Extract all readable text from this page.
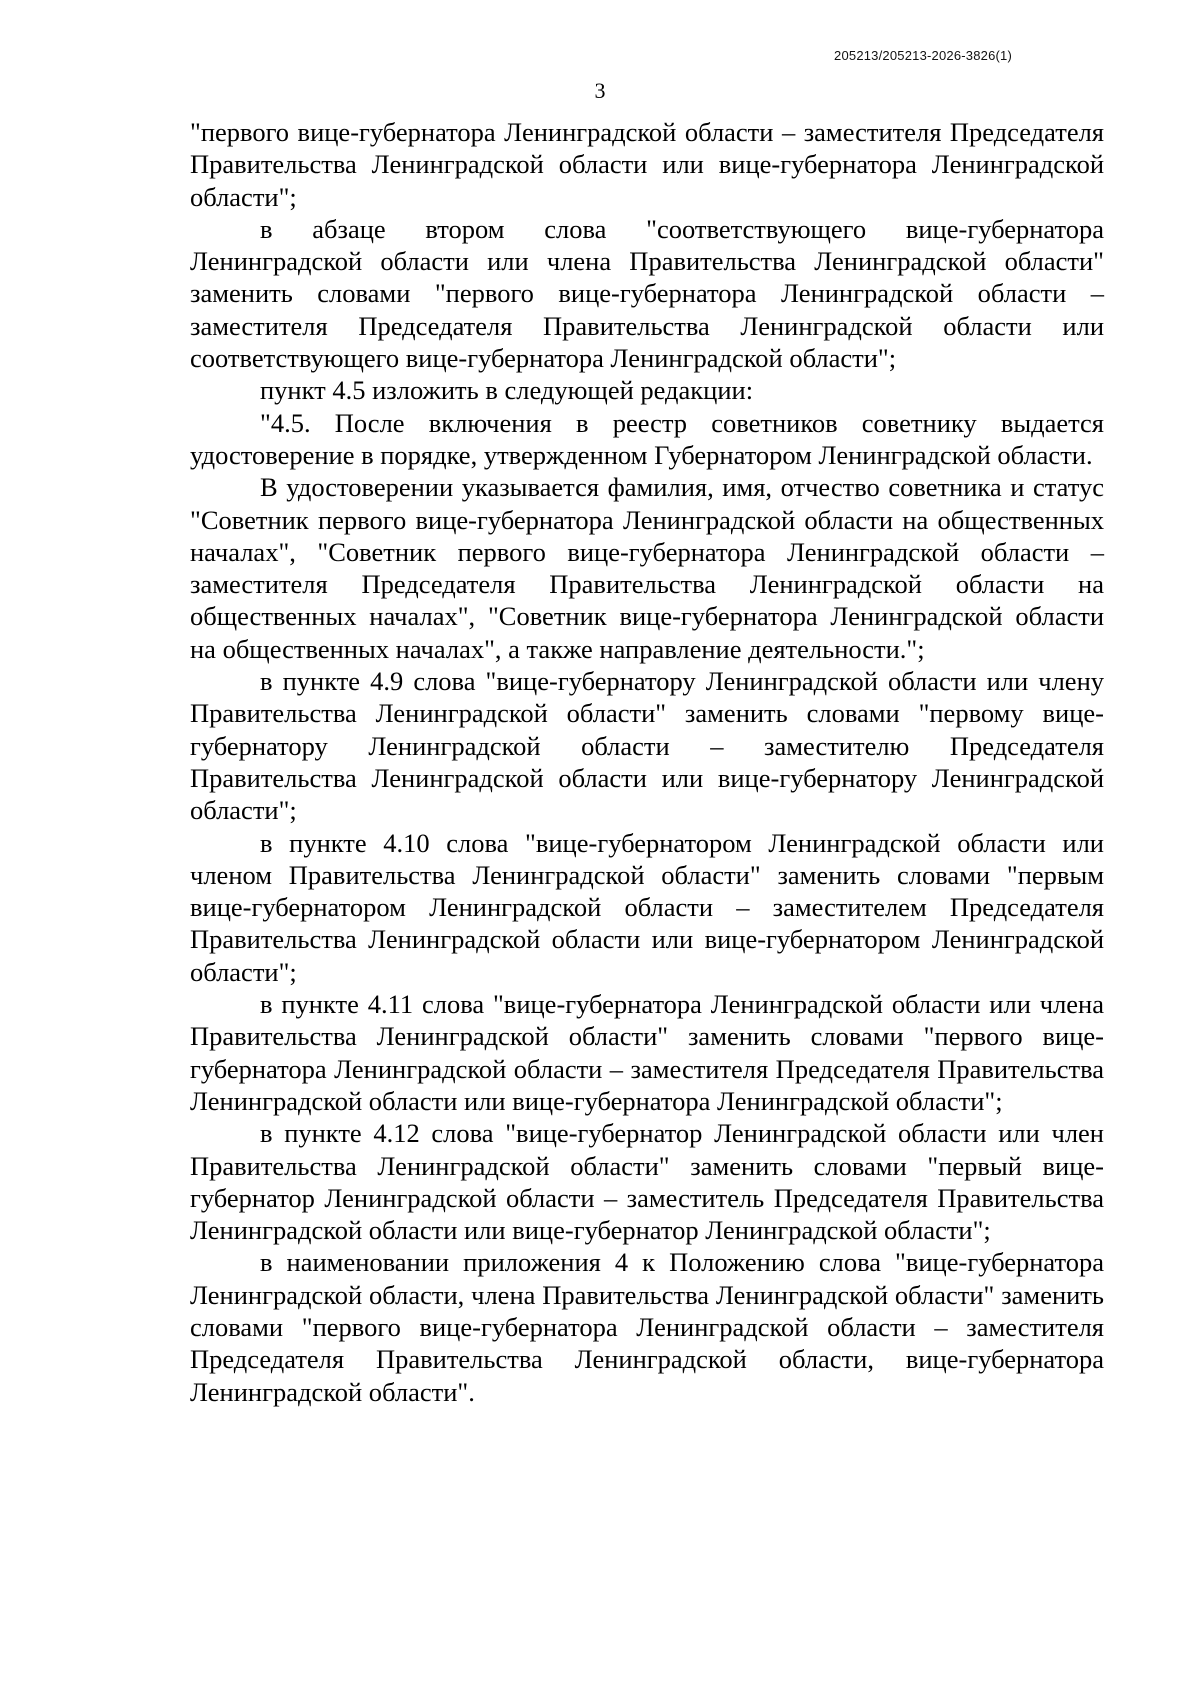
205213/205213-2026-3826(1)
3

"первого вице-губернатора Ленинградской области – заместителя Председателя Правительства Ленинградской области или вице-губернатора Ленинградской области";

в абзаце втором слова "соответствующего вице-губернатора Ленинградской области или члена Правительства Ленинградской области" заменить словами "первого вице-губернатора Ленинградской области – заместителя Председателя Правительства Ленинградской области или соответствующего вице-губернатора Ленинградской области";

пункт 4.5 изложить в следующей редакции:

"4.5. После включения в реестр советников советнику выдается удостоверение в порядке, утвержденном Губернатором Ленинградской области.

В удостоверении указывается фамилия, имя, отчество советника и статус "Советник первого вице-губернатора Ленинградской области на общественных началах", "Советник первого вице-губернатора Ленинградской области – заместителя Председателя Правительства Ленинградской области на общественных началах", "Советник вице-губернатора Ленинградской области на общественных началах", а также направление деятельности.";

в пункте 4.9 слова "вице-губернатору Ленинградской области или члену Правительства Ленинградской области" заменить словами "первому вице-губернатору Ленинградской области – заместителю Председателя Правительства Ленинградской области или вице-губернатору Ленинградской области";

в пункте 4.10 слова "вице-губернатором Ленинградской области или членом Правительства Ленинградской области" заменить словами "первым вице-губернатором Ленинградской области – заместителем Председателя Правительства Ленинградской области или вице-губернатором Ленинградской области";

в пункте 4.11 слова "вице-губернатора Ленинградской области или члена Правительства Ленинградской области" заменить словами "первого вице-губернатора Ленинградской области – заместителя Председателя Правительства Ленинградской области или вице-губернатора Ленинградской области";

в пункте 4.12 слова "вице-губернатор Ленинградской области или член Правительства Ленинградской области" заменить словами "первый вице-губернатор Ленинградской области – заместитель Председателя Правительства Ленинградской области или вице-губернатор Ленинградской области";

в наименовании приложения 4 к Положению слова "вице-губернатора Ленинградской области, члена Правительства Ленинградской области" заменить словами "первого вице-губернатора Ленинградской области – заместителя Председателя Правительства Ленинградской области, вице-губернатора Ленинградской области".
